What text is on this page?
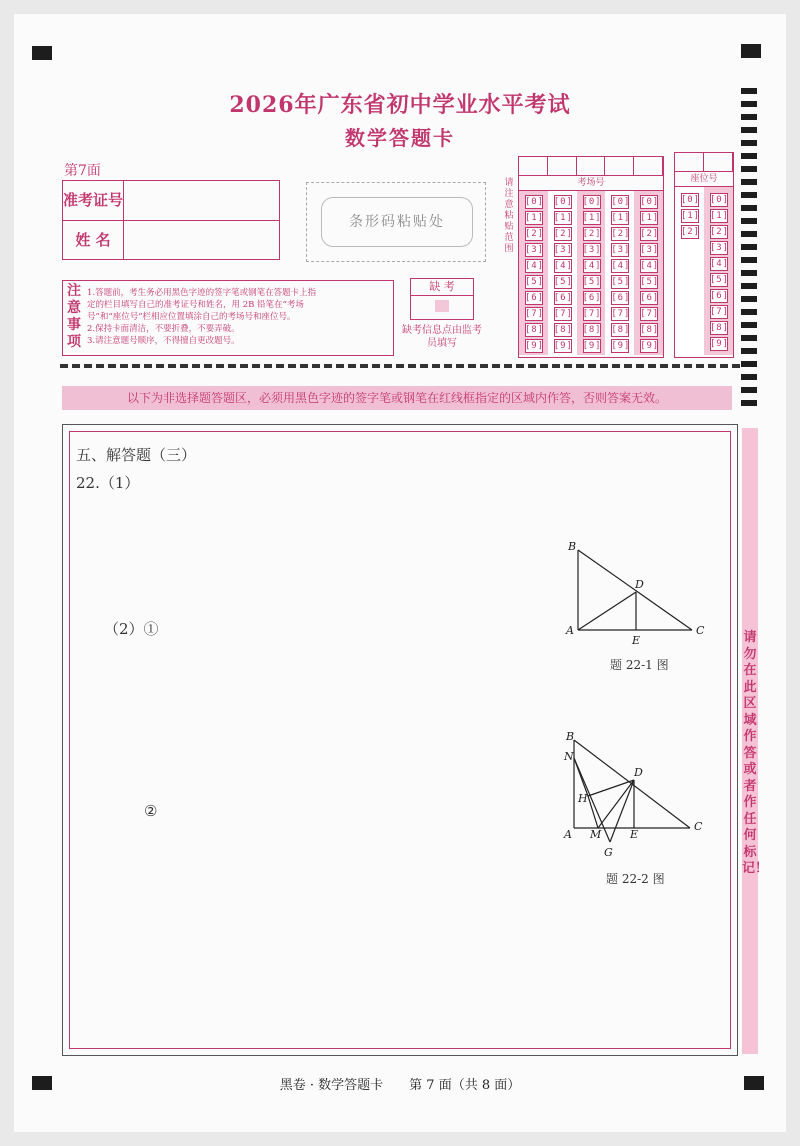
2026年广东省初中学业水平考试
数学答题卡
第7面
准考证号
姓 名
条形码粘贴处
注意事项
1.答题前，考生务必用黑色字迹的签字笔或钢笔在答题卡上指
定的栏目填写自己的准考证号和姓名，用 2B 铅笔在“考场
号”和“座位号”栏相应位置填涂自己的考场号和座位号。
2.保持卡面清洁，不要折叠，不要弄破。
3.请注意题号顺序，不得擅自更改题号。
缺 考
缺考信息点由监考员填写
请注意粘贴范围
考场号
[ 0 ]
[ 1 ]
[ 2 ]
[ 3 ]
[ 4 ]
[ 5 ]
[ 6 ]
[ 7 ]
[ 8 ]
[ 9 ]
[ 0 ]
[ 1 ]
[ 2 ]
[ 3 ]
[ 4 ]
[ 5 ]
[ 6 ]
[ 7 ]
[ 8 ]
[ 9 ]
[ 0 ]
[ 1 ]
[ 2 ]
[ 3 ]
[ 4 ]
[ 5 ]
[ 6 ]
[ 7 ]
[ 8 ]
[ 9 ]
[ 0 ]
[ 1 ]
[ 2 ]
[ 3 ]
[ 4 ]
[ 5 ]
[ 6 ]
[ 7 ]
[ 8 ]
[ 9 ]
[ 0 ]
[ 1 ]
[ 2 ]
[ 3 ]
[ 4 ]
[ 5 ]
[ 6 ]
[ 7 ]
[ 8 ]
[ 9 ]
座位号
[ 0 ]
[ 1 ]
[ 2 ]
[ 0 ]
[ 1 ]
[ 2 ]
[ 3 ]
[ 4 ]
[ 5 ]
[ 6 ]
[ 7 ]
[ 8 ]
[ 9 ]
以下为非选择题答题区，必须用黑色字迹的签字笔或钢笔在红线框指定的区域内作答，否则答案无效。
五、解答题（三）
22.（1）
（2）①
②
B
D
A
E
C
题 22-1 图
B
N
D
H
A M	E
C
G
题 22-2 图
请勿在此区域作答或者作任何标记！
黑卷 · 数学答题卡　　第 7 面（共 8 面）
